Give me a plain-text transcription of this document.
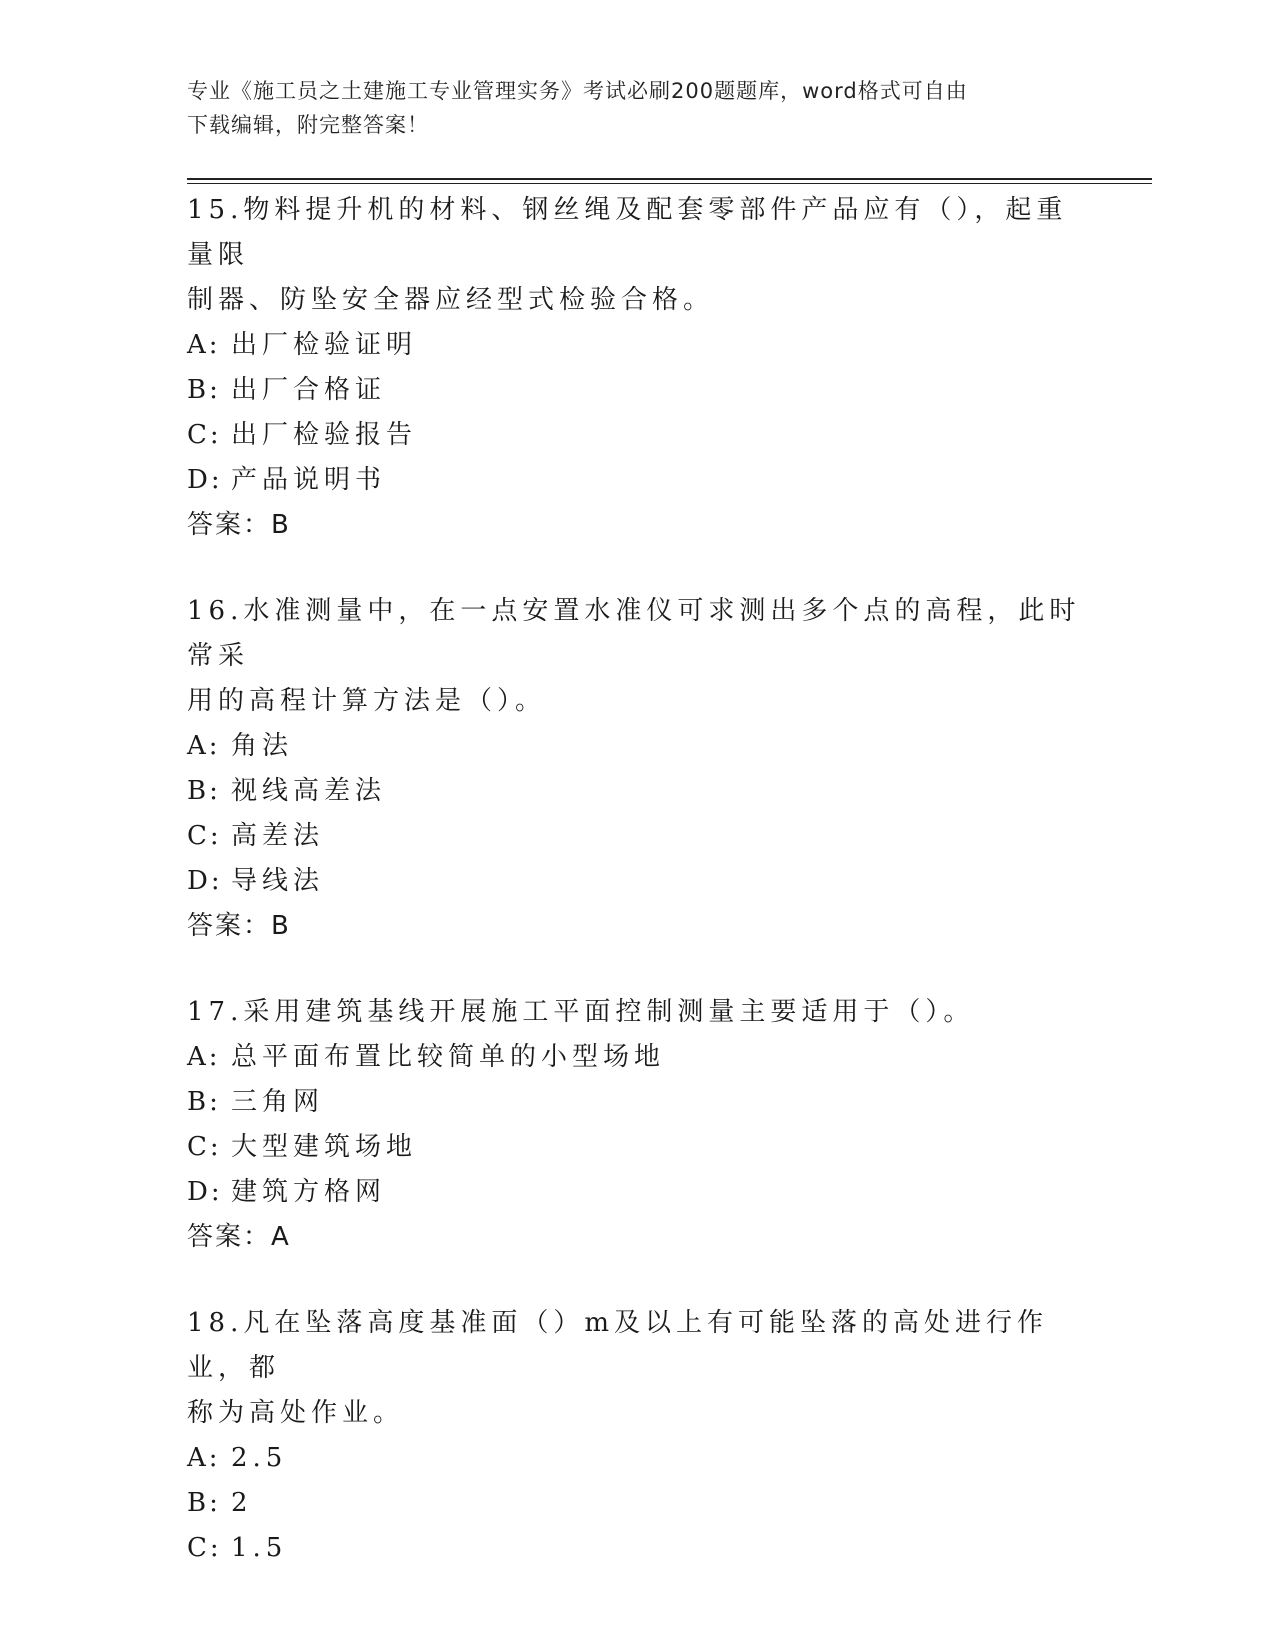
专业《施工员之土建施工专业管理实务》考试必刷200题题库，word格式可自由
下载编辑，附完整答案！

15.物料提升机的材料、钢丝绳及配套零部件产品应有（），起重量限

制器、防坠安全器应经型式检验合格。

A: 出厂检验证明

B: 出厂合格证

C: 出厂检验报告

D: 产品说明书

答案：B

16.水准测量中，在一点安置水准仪可求测出多个点的高程，此时常采

用的高程计算方法是（）。

A: 角法

B: 视线高差法

C: 高差法

D: 导线法

答案：B

17.采用建筑基线开展施工平面控制测量主要适用于（）。

A: 总平面布置比较简单的小型场地

B: 三角网

C: 大型建筑场地

D: 建筑方格网

答案：A

18.凡在坠落高度基准面（）m及以上有可能坠落的高处进行作业，都

称为高处作业。

A: 2.5

B: 2

C: 1.5
